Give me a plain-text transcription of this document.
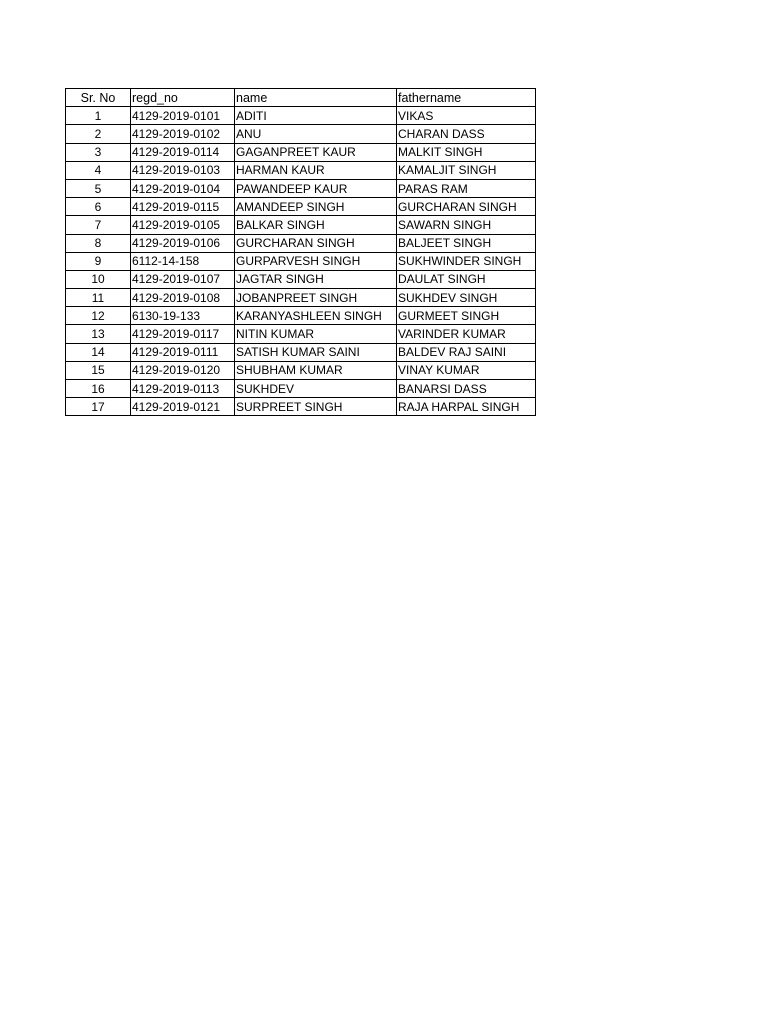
Sr. No	regd_no	name	fathername
1	4129-2019-0101	ADITI	VIKAS
2	4129-2019-0102	ANU	CHARAN DASS
3	4129-2019-0114	GAGANPREET KAUR	MALKIT SINGH
4	4129-2019-0103	HARMAN KAUR	KAMALJIT SINGH
5	4129-2019-0104	PAWANDEEP KAUR	PARAS RAM
6	4129-2019-0115	AMANDEEP SINGH	GURCHARAN SINGH
7	4129-2019-0105	BALKAR SINGH	SAWARN SINGH
8	4129-2019-0106	GURCHARAN SINGH	BALJEET SINGH
9	6112-14-158	GURPARVESH SINGH	SUKHWINDER SINGH
10	4129-2019-0107	JAGTAR SINGH	DAULAT SINGH
11	4129-2019-0108	JOBANPREET SINGH	SUKHDEV SINGH
12	6130-19-133	KARANYASHLEEN SINGH	GURMEET SINGH
13	4129-2019-0117	NITIN KUMAR	VARINDER KUMAR
14	4129-2019-0111	SATISH KUMAR SAINI	BALDEV RAJ SAINI
15	4129-2019-0120	SHUBHAM KUMAR	VINAY KUMAR
16	4129-2019-0113	SUKHDEV	BANARSI DASS
17	4129-2019-0121	SURPREET SINGH	RAJA HARPAL SINGH
